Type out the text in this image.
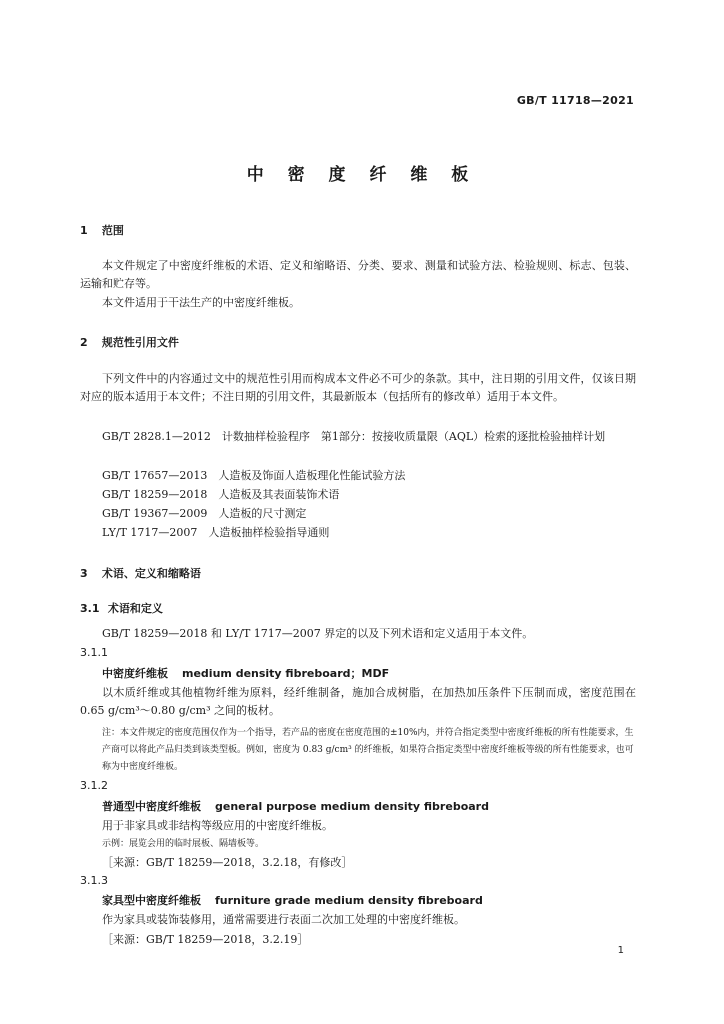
GB/T 11718—2021
中 密 度 纤 维 板
1 范围
本文件规定了中密度纤维板的术语、定义和缩略语、分类、要求、测量和试验方法、检验规则、标志、包装、运输和贮存等。
本文件适用于干法生产的中密度纤维板。
2 规范性引用文件
下列文件中的内容通过文中的规范性引用而构成本文件必不可少的条款。其中，注日期的引用文件，仅该日期对应的版本适用于本文件；不注日期的引用文件，其最新版本（包括所有的修改单）适用于本文件。
GB/T 2828.1—2012　计数抽样检验程序　第1部分：按接收质量限（AQL）检索的逐批检验抽样计划
GB/T 17657—2013　人造板及饰面人造板理化性能试验方法
GB/T 18259—2018　人造板及其表面装饰术语
GB/T 19367—2009　人造板的尺寸测定
LY/T 1717—2007　人造板抽样检验指导通则
3 术语、定义和缩略语
3.1 术语和定义
GB/T 18259—2018 和 LY/T 1717—2007 界定的以及下列术语和定义适用于本文件。
3.1.1
中密度纤维板 medium density fibreboard；MDF
以木质纤维或其他植物纤维为原料，经纤维制备，施加合成树脂，在加热加压条件下压制而成，密度范围在 0.65 g/cm³～0.80 g/cm³ 之间的板材。
注：本文件规定的密度范围仅作为一个指导，若产品的密度在密度范围的±10%内，并符合指定类型中密度纤维板的所有性能要求，生产商可以将此产品归类到该类型板。例如，密度为 0.83 g/cm³ 的纤维板，如果符合指定类型中密度纤维板等级的所有性能要求，也可称为中密度纤维板。
3.1.2
普通型中密度纤维板 general purpose medium density fibreboard
用于非家具或非结构等级应用的中密度纤维板。
示例：展览会用的临时展板、隔墙板等。
［来源：GB/T 18259—2018，3.2.18，有修改］
3.1.3
家具型中密度纤维板 furniture grade medium density fibreboard
作为家具或装饰装修用，通常需要进行表面二次加工处理的中密度纤维板。
［来源：GB/T 18259—2018，3.2.19］
1
